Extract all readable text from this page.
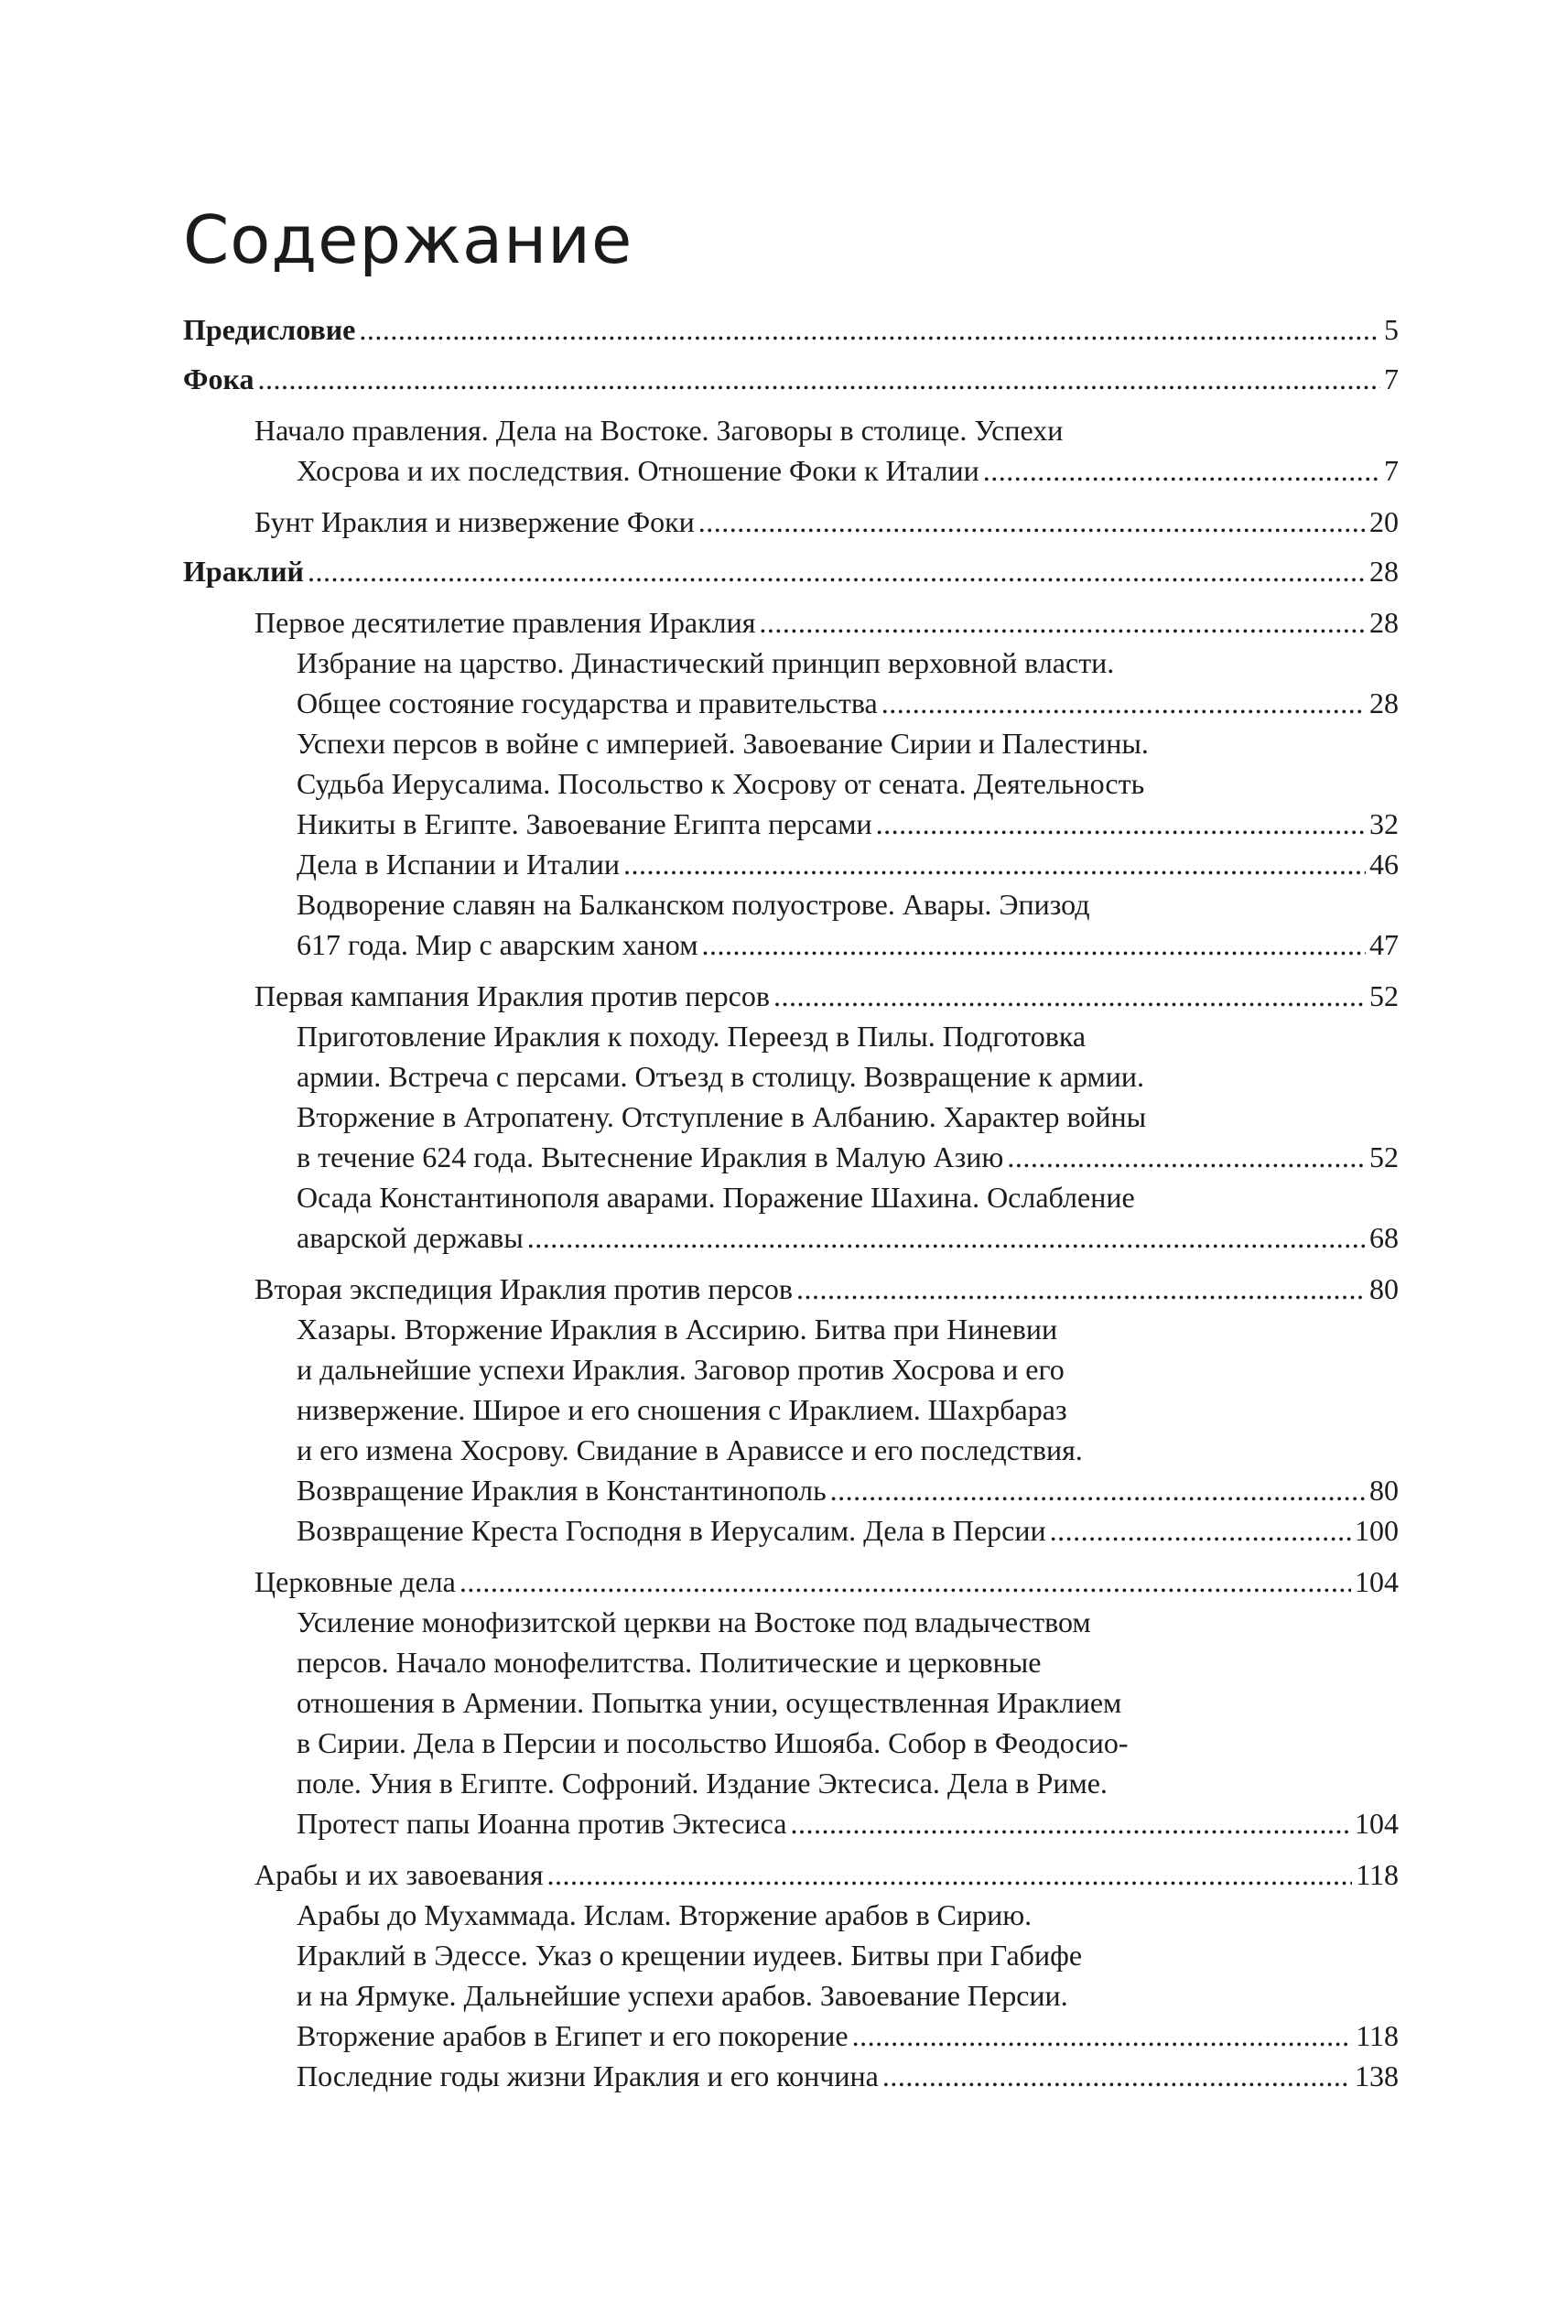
Содержание
Предисловие .....	5
Фока .....	7
Начало правления. Дела на Востоке. Заговоры в столице. Успехи
Хосрова и их последствия. Отношение Фоки к Италии .....	7
Бунт Ираклия и низвержение Фоки .....	20
Ираклий .....	28
Первое десятилетие правления Ираклия .....	28
Избрание на царство. Династический принцип верховной власти.
Общее состояние государства и правительства .....	28
Успехи персов в войне с империей. Завоевание Сирии и Палестины.
Судьба Иерусалима. Посольство к Хосрову от сената. Деятельность
Никиты в Египте. Завоевание Египта персами .....	32
Дела в Испании и Италии .....	46
Водворение славян на Балканском полуострове. Авары. Эпизод
617 года. Мир с аварским ханом .....	47
Первая кампания Ираклия против персов .....	52
Приготовление Ираклия к походу. Переезд в Пилы. Подготовка
армии. Встреча с персами. Отъезд в столицу. Возвращение к армии.
Вторжение в Атропатену. Отступление в Албанию. Характер войны
в течение 624 года. Вытеснение Ираклия в Малую Азию .....	52
Осада Константинополя аварами. Поражение Шахина. Ослабление
аварской державы .....	68
Вторая экспедиция Ираклия против персов .....	80
Хазары. Вторжение Ираклия в Ассирию. Битва при Ниневии
и дальнейшие успехи Ираклия. Заговор против Хосрова и его
низвержение. Широе и его сношения с Ираклием. Шахрбараз
и его измена Хосрову. Свидание в Арависсе и его последствия.
Возвращение Ираклия в Константинополь .....	80
Возвращение Креста Господня в Иерусалим. Дела в Персии .....	100
Церковные дела .....	104
Усиление монофизитской церкви на Востоке под владычеством
персов. Начало монофелитства. Политические и церковные
отношения в Армении. Попытка унии, осуществленная Ираклием
в Сирии. Дела в Персии и посольство Ишояба. Собор в Феодосио-
поле. Уния в Египте. Софроний. Издание Эктесиса. Дела в Риме.
Протест папы Иоанна против Эктесиса .....	104
Арабы и их завоевания .....	118
Арабы до Мухаммада. Ислам. Вторжение арабов в Сирию.
Ираклий в Эдессе. Указ о крещении иудеев. Битвы при Габифе
и на Ярмуке. Дальнейшие успехи арабов. Завоевание Персии.
Вторжение арабов в Египет и его покорение .....	118
Последние годы жизни Ираклия и его кончина .....	138
